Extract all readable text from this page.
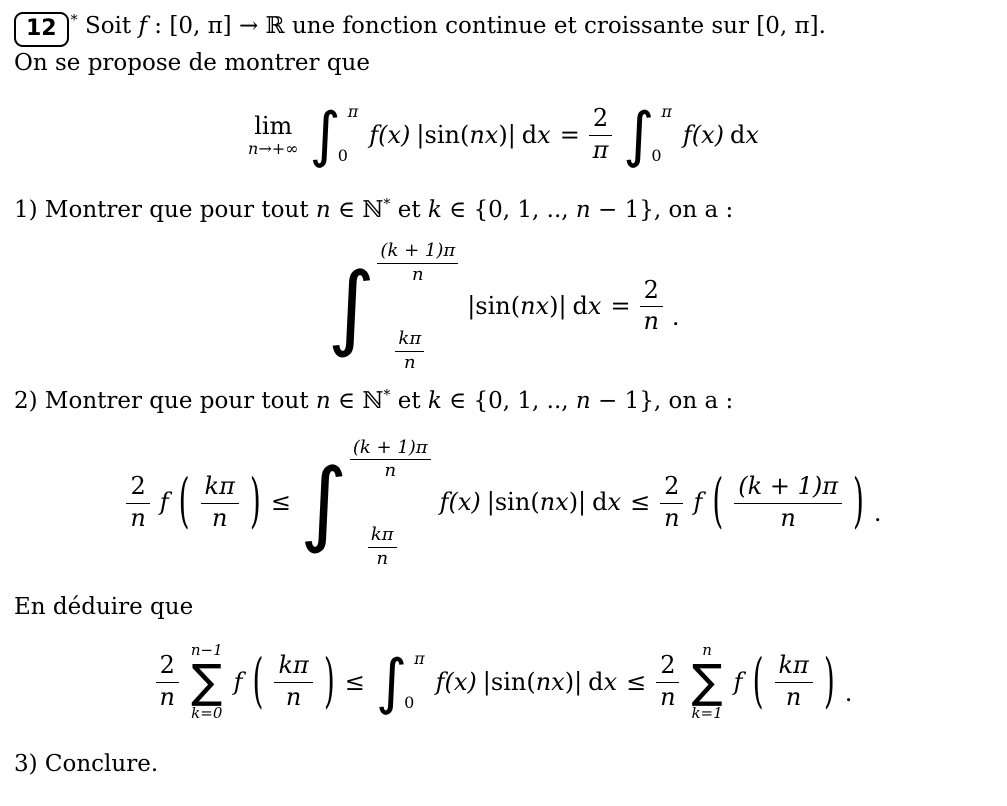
12 * Soit f : [0, π] → ℝ une fonction continue et croissante sur [0, π].
On se propose de montrer que
lim
n→+∞ ∫ π
0
f(x) |sin( nx )| d $x = \frac{2}{\pi}$ ∫ π
0
f(x) d x
1) Montrer que pour tout n ∈ ℕ* et k ∈ {0, 1, .., n − 1}, on a :
∫ $\frac{(k + 1)\pi}{n}$
$\frac{k\pi}{n}$
|sin( nx )| d $x = \frac{2}{n}$ .
2) Montrer que pour tout n ∈ ℕ* et k ∈ {0, 1, .., n − 1}, on a :
$\frac{2}{n}$ f ( $\frac{k\pi}{n}$ ) ≤ ∫ $\frac{(k + 1)\pi}{n}$
$\frac{k\pi}{n}$
f(x) |sin( nx )| d $x \le \frac{2}{n}$ f ( $\frac{(k + 1)\pi}{n}$ ) .
En déduire que
$\frac{2}{n}$
n−1
∑
k=0
f ( $\frac{k\pi}{n}$ ) ≤ ∫ π
0
f(x) |sin( nx )| d $x \le \frac{2}{n}$
n
∑
k=1
f ( $\frac{k\pi}{n}$ ) .
3) Conclure.
